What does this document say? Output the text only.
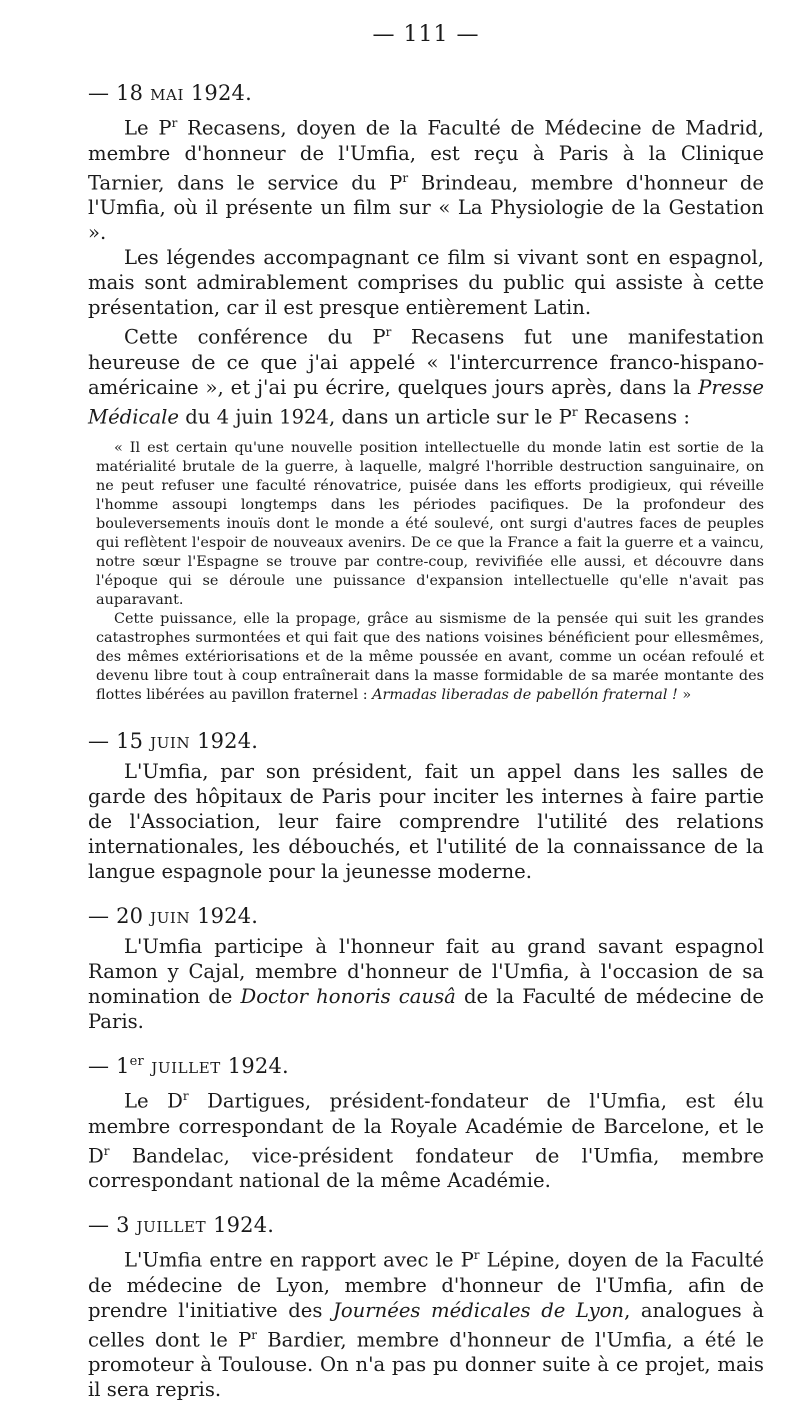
— 111 —
— 18 mai 1924.

Le $P^r$ Recasens, doyen de la Faculté de Médecine de Madrid, membre d'honneur de l'Umfia, est reçu à Paris à la Clinique Tarnier, dans le service du $P^r$ Brindeau, membre d'honneur de l'Umfia, où il présente un film sur « La Physiologie de la Gestation ».

Les légendes accompagnant ce film si vivant sont en espagnol, mais sont admirablement comprises du public qui assiste à cette présentation, car il est presque entièrement Latin.

Cette conférence du $P^r$ Recasens fut une manifestation heureuse de ce que j'ai appelé « l'intercurrence franco-hispano-américaine », et j'ai pu écrire, quelques jours après, dans la Presse Médicale du 4 juin 1924, dans un article sur le $P^r$ Recasens :

« Il est certain qu'une nouvelle position intellectuelle du monde latin est sortie de la matérialité brutale de la guerre, à laquelle, malgré l'horrible destruction sanguinaire, on ne peut refuser une faculté rénovatrice, puisée dans les efforts prodigieux, qui réveille l'homme assoupi longtemps dans les périodes pacifiques. De la profondeur des bouleversements inouïs dont le monde a été soulevé, ont surgi d'autres faces de peuples qui reflètent l'espoir de nouveaux avenirs. De ce que la France a fait la guerre et a vaincu, notre sœur l'Espagne se trouve par contre-coup, revivifiée elle aussi, et découvre dans l'époque qui se déroule une puissance d'expansion intellectuelle qu'elle n'avait pas auparavant.

Cette puissance, elle la propage, grâce au sismisme de la pensée qui suit les grandes catastrophes surmontées et qui fait que des nations voisines bénéficient pour ellesmêmes, des mêmes extériorisations et de la même poussée en avant, comme un océan refoulé et devenu libre tout à coup entraînerait dans la masse formidable de sa marée montante des flottes libérées au pavillon fraternel : Armadas liberadas de pabellón fraternal ! »

— 15 juin 1924.

L'Umfia, par son président, fait un appel dans les salles de garde des hôpitaux de Paris pour inciter les internes à faire partie de l'Association, leur faire comprendre l'utilité des relations internationales, les débouchés, et l'utilité de la connaissance de la langue espagnole pour la jeunesse moderne.

— 20 juin 1924.

L'Umfia participe à l'honneur fait au grand savant espagnol Ramon y Cajal, membre d'honneur de l'Umfia, à l'occasion de sa nomination de Doctor honoris causâ de la Faculté de médecine de Paris.

— 1er juillet 1924.

Le $D^r$ Dartigues, président-fondateur de l'Umfia, est élu membre correspondant de la Royale Académie de Barcelone, et le $D^r$ Bandelac, vice-président fondateur de l'Umfia, membre correspondant national de la même Académie.

— 3 juillet 1924.

L'Umfia entre en rapport avec le $P^r$ Lépine, doyen de la Faculté de médecine de Lyon, membre d'honneur de l'Umfia, afin de prendre l'initiative des Journées médicales de Lyon, analogues à celles dont le $P^r$ Bardier, membre d'honneur de l'Umfia, a été le promoteur à Toulouse. On n'a pas pu donner suite à ce projet, mais il sera repris.
